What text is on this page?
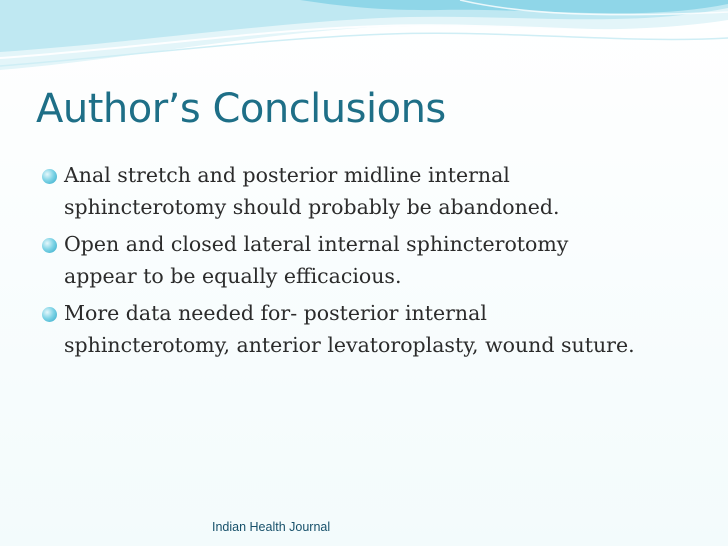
Author’s Conclusions
Anal stretch and posterior midline internal sphincterotomy should probably be abandoned.
Open and closed lateral internal sphincterotomy appear to be equally efficacious.
More data needed for- posterior internal sphincterotomy, anterior levatoroplasty, wound suture.
Indian Health Journal
